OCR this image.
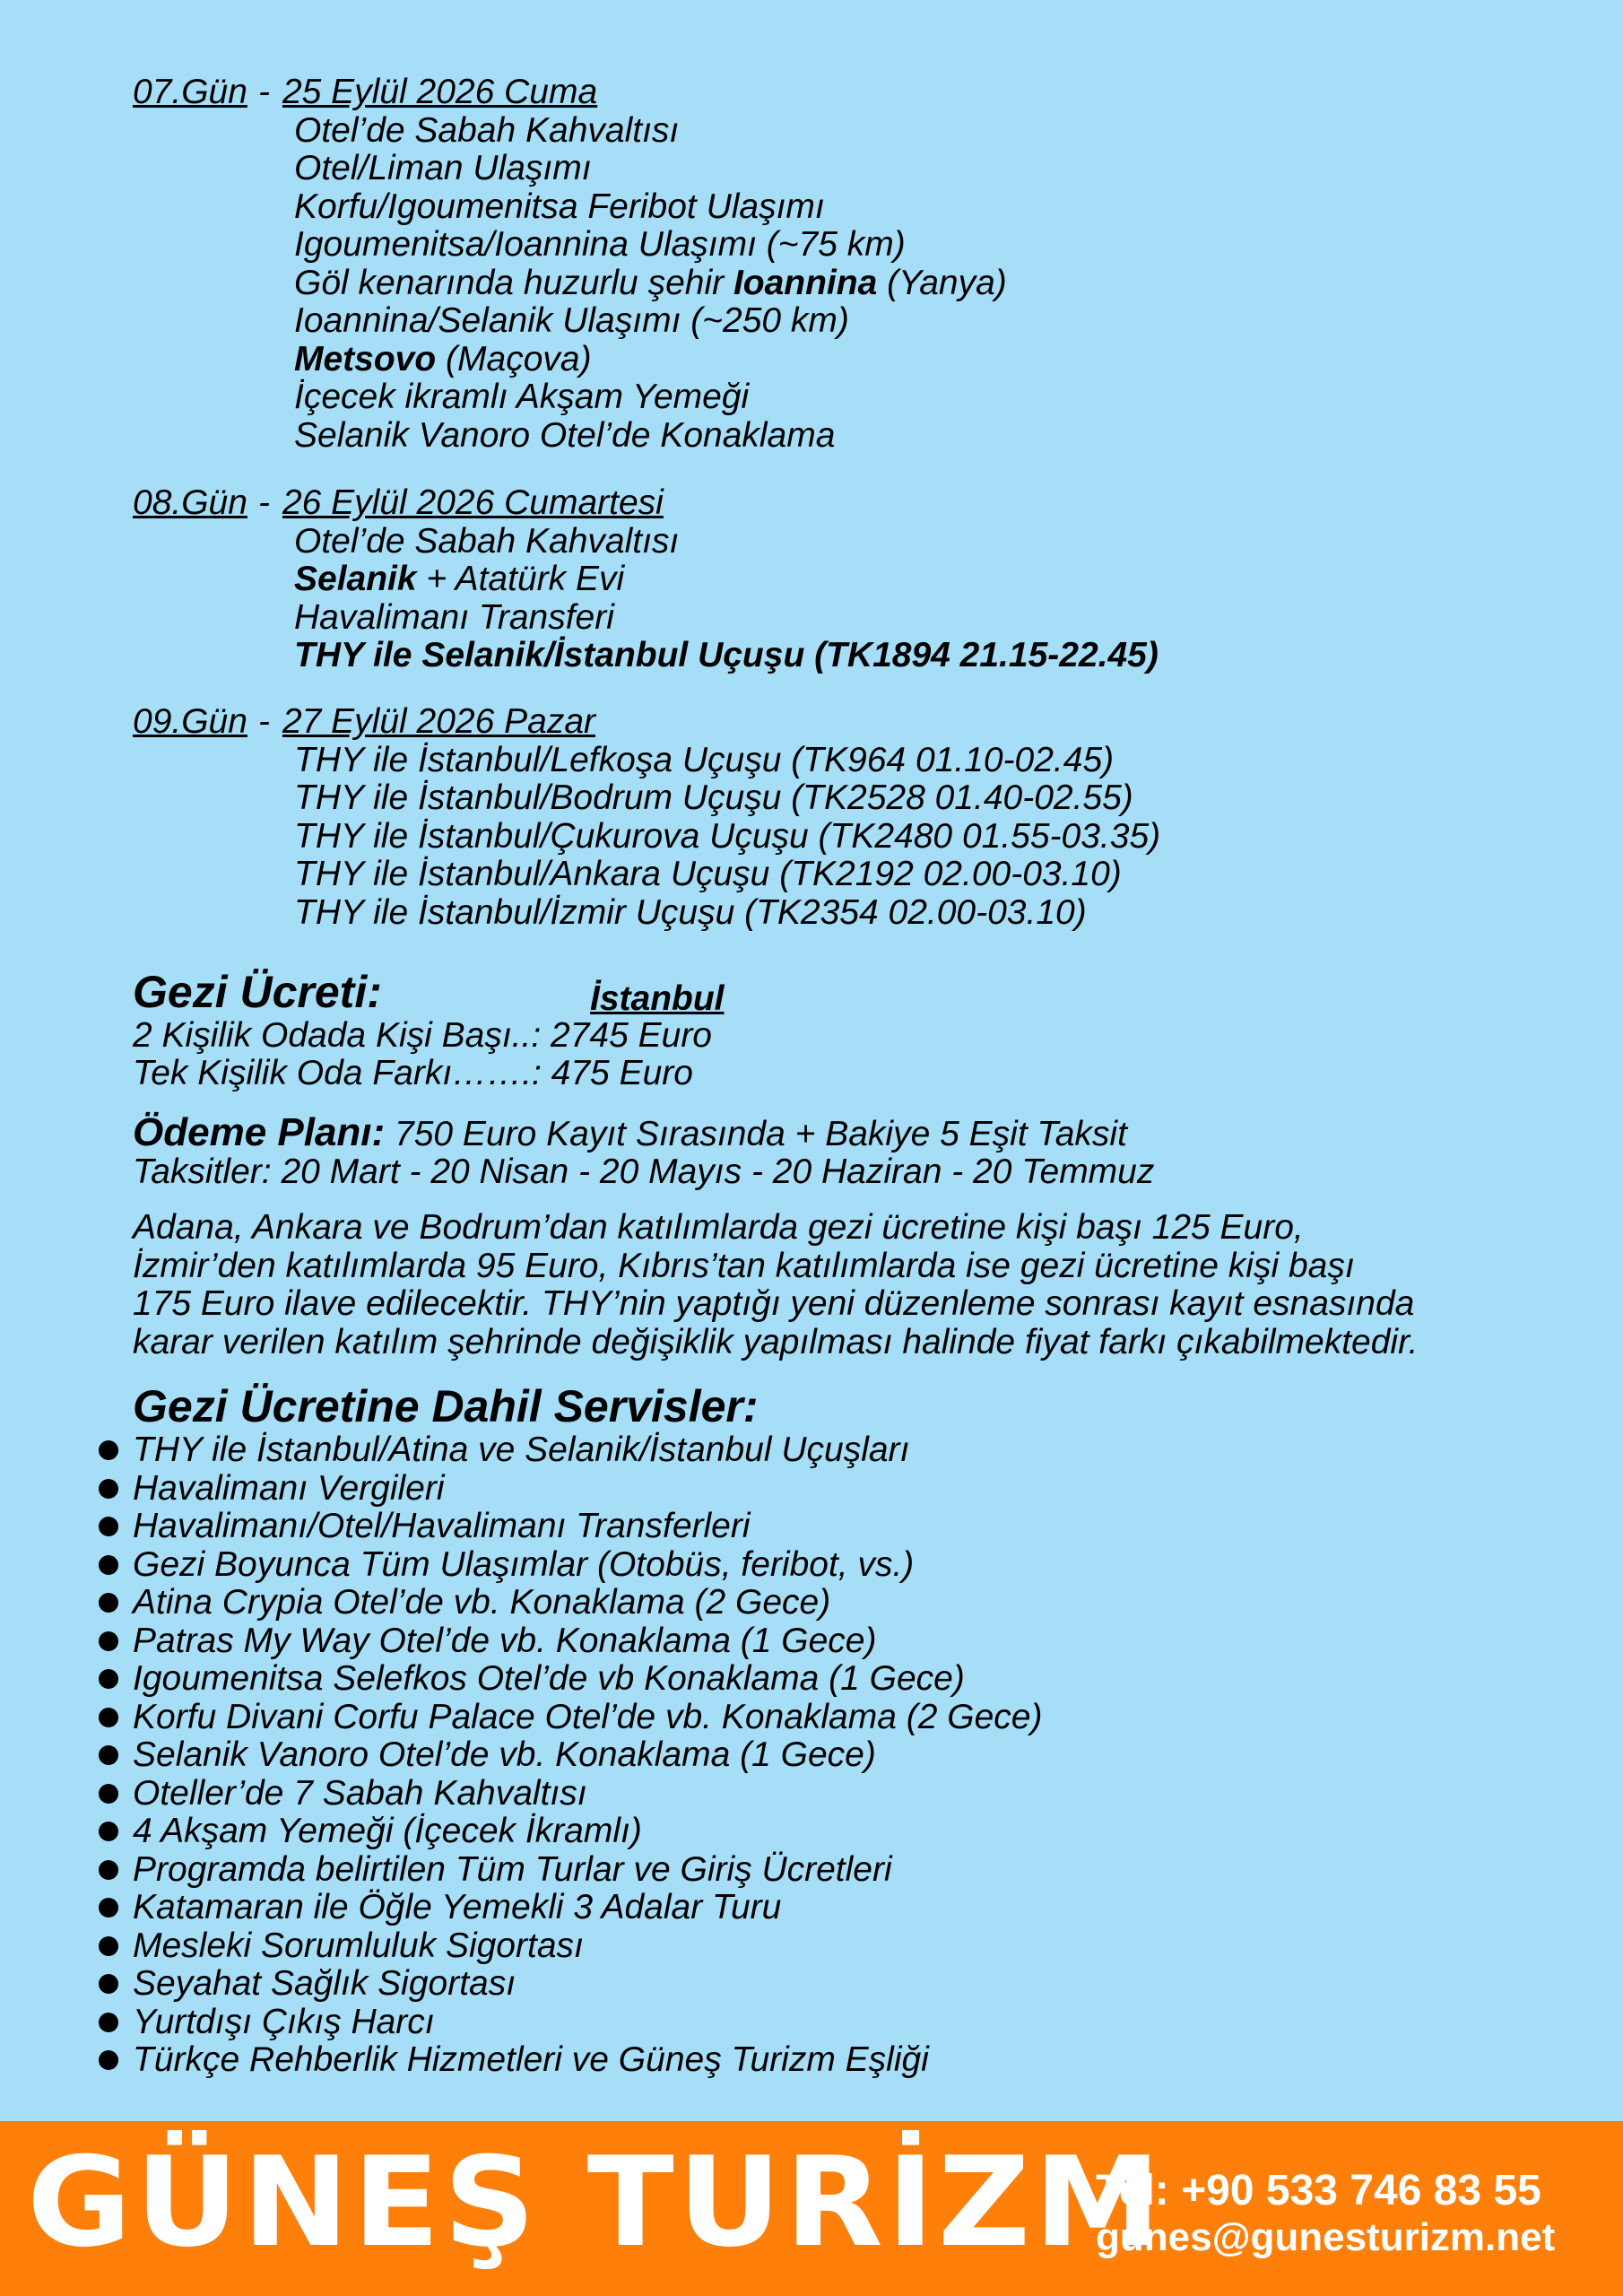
07.Gün - 25 Eylül 2026 Cuma
Otel’de Sabah Kahvaltısı
Otel/Liman Ulaşımı
Korfu/Igoumenitsa Feribot Ulaşımı
Igoumenitsa/Ioannina Ulaşımı (~75 km)
Göl kenarında huzurlu şehir Ioannina (Yanya)
Ioannina/Selanik Ulaşımı (~250 km)
Metsovo (Maçova)
İçecek ikramlı Akşam Yemeği
Selanik Vanoro Otel’de Konaklama
08.Gün - 26 Eylül 2026 Cumartesi
Otel’de Sabah Kahvaltısı
Selanik + Atatürk Evi
Havalimanı Transferi
THY ile Selanik/İstanbul Uçuşu (TK1894 21.15-22.45)
09.Gün - 27 Eylül 2026 Pazar
THY ile İstanbul/Lefkoşa Uçuşu (TK964 01.10-02.45)
THY ile İstanbul/Bodrum Uçuşu (TK2528 01.40-02.55)
THY ile İstanbul/Çukurova Uçuşu (TK2480 01.55-03.35)
THY ile İstanbul/Ankara Uçuşu (TK2192 02.00-03.10)
THY ile İstanbul/İzmir Uçuşu (TK2354 02.00-03.10)
Gezi Ücreti:	İstanbul
2 Kişilik Odada Kişi Başı..: 2745 Euro
Tek Kişilik Oda Farkı…….: 475 Euro
Ödeme Planı: 750 Euro Kayıt Sırasında + Bakiye 5 Eşit Taksit
Taksitler: 20 Mart - 20 Nisan - 20 Mayıs - 20 Haziran - 20 Temmuz
Adana, Ankara ve Bodrum’dan katılımlarda gezi ücretine kişi başı 125 Euro,
İzmir’den katılımlarda 95 Euro, Kıbrıs’tan katılımlarda ise gezi ücretine kişi başı
175 Euro ilave edilecektir. THY’nin yaptığı yeni düzenleme sonrası kayıt esnasında
karar verilen katılım şehrinde değişiklik yapılması halinde fiyat farkı çıkabilmektedir.
Gezi Ücretine Dahil Servisler:
THY ile İstanbul/Atina ve Selanik/İstanbul Uçuşları
Havalimanı Vergileri
Havalimanı/Otel/Havalimanı Transferleri
Gezi Boyunca Tüm Ulaşımlar (Otobüs, feribot, vs.)
Atina Crypia Otel’de vb. Konaklama (2 Gece)
Patras My Way Otel’de vb. Konaklama (1 Gece)
Igoumenitsa Selefkos Otel’de vb Konaklama (1 Gece)
Korfu Divani Corfu Palace Otel’de vb. Konaklama (2 Gece)
Selanik Vanoro Otel’de vb. Konaklama (1 Gece)
Oteller’de 7 Sabah Kahvaltısı
4 Akşam Yemeği (İçecek İkramlı)
Programda belirtilen Tüm Turlar ve Giriş Ücretleri
Katamaran ile Öğle Yemekli 3 Adalar Turu
Mesleki Sorumluluk Sigortası
Seyahat Sağlık Sigortası
Yurtdışı Çıkış Harcı
Türkçe Rehberlik Hizmetleri ve Güneş Turizm Eşliği
GÜNEŞ TURİZM
Tel: +90 533 746 83 55
gunes@gunesturizm.net
